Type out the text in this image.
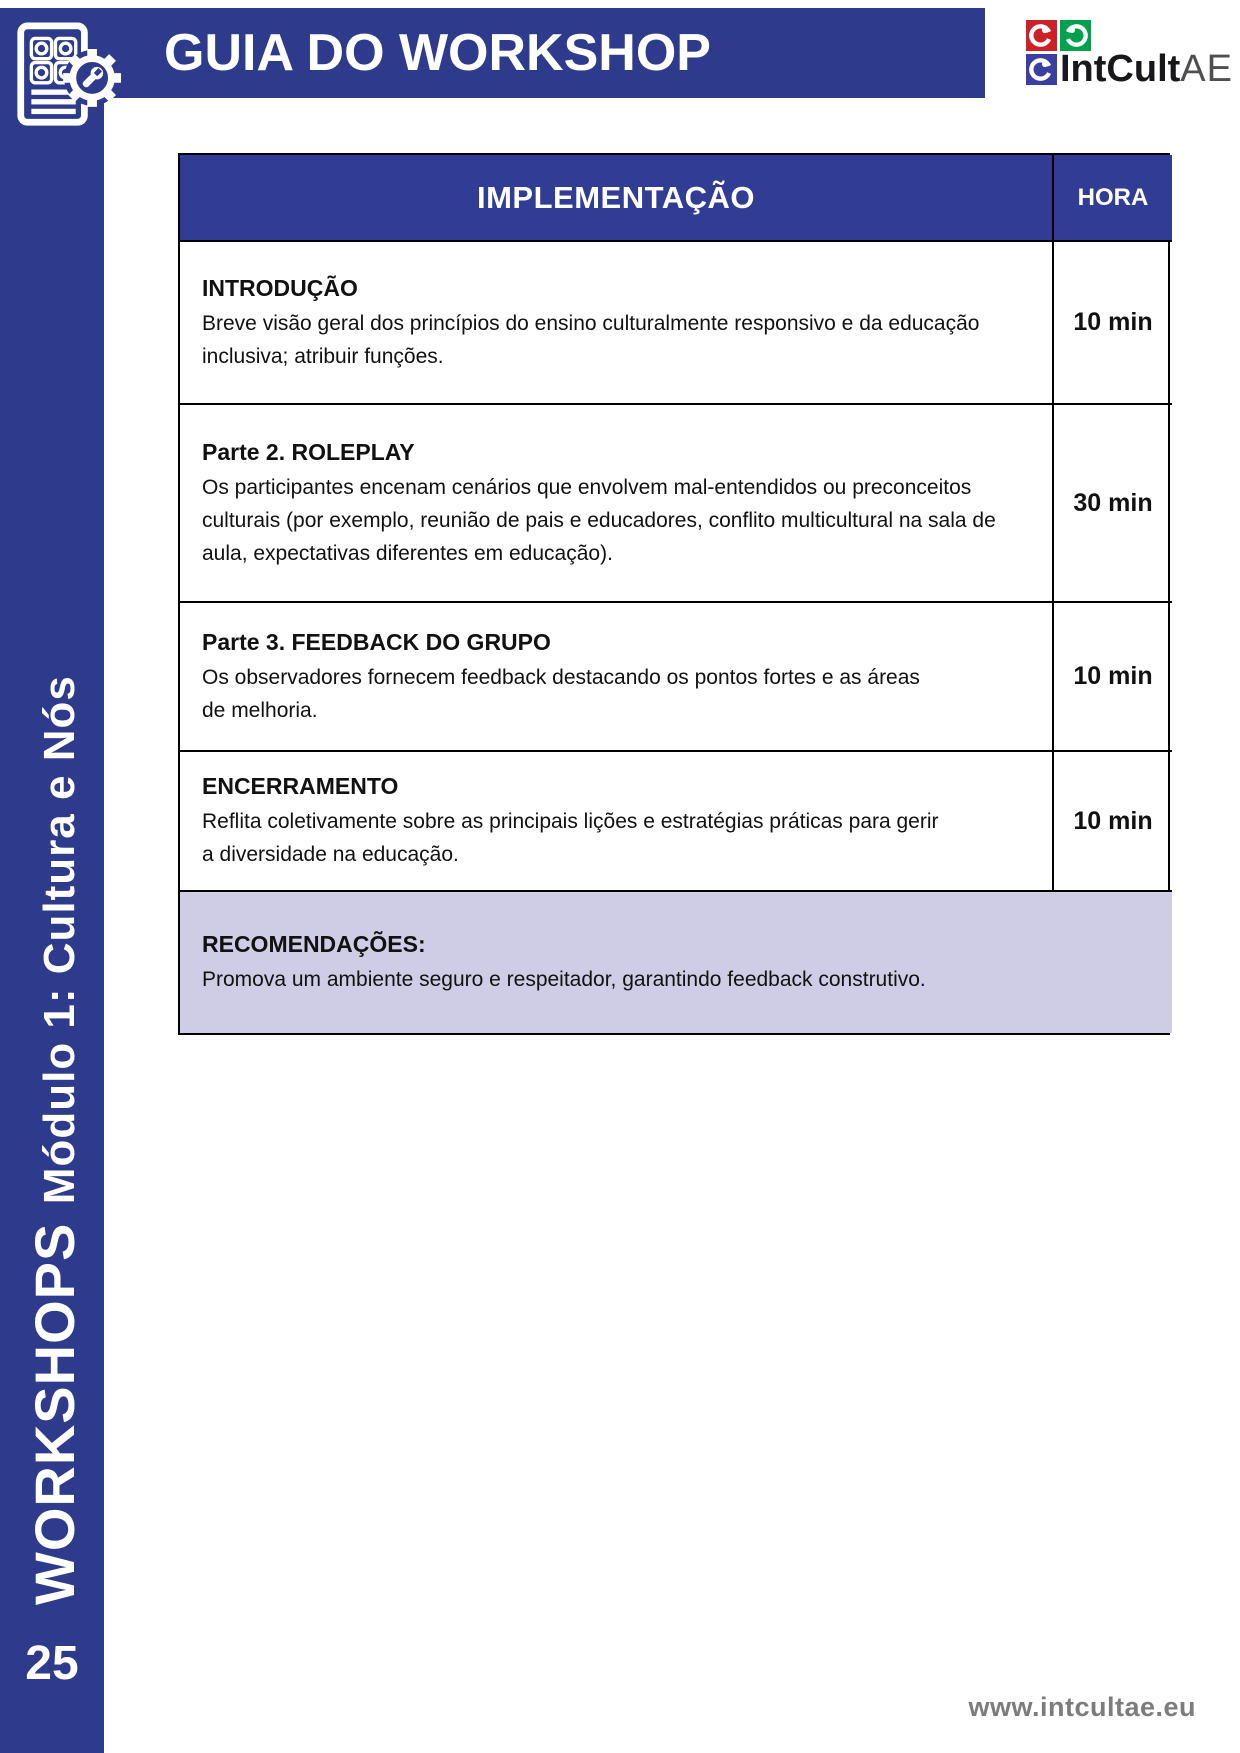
WORKSHOPS Módulo 1: Cultura e Nós
25
GUIA DO WORKSHOP	IntCultAE
IMPLEMENTAÇÃO	HORA
INTRODUÇÃO
Breve visão geral dos princípios do ensino culturalmente responsivo e da educação inclusiva; atribuir funções.
10 min
Parte 2. ROLEPLAY
Os participantes encenam cenários que envolvem mal-entendidos ou preconceitos culturais (por exemplo, reunião de pais e educadores, conflito multicultural na sala de aula, expectativas diferentes em educação).
30 min
Parte 3. FEEDBACK DO GRUPO
Os observadores fornecem feedback destacando os pontos fortes e as áreas de melhoria.
10 min
ENCERRAMENTO
Reflita coletivamente sobre as principais lições e estratégias práticas para gerir a diversidade na educação.
10 min
RECOMENDAÇÕES:
Promova um ambiente seguro e respeitador, garantindo feedback construtivo.
www.intcultae.eu
